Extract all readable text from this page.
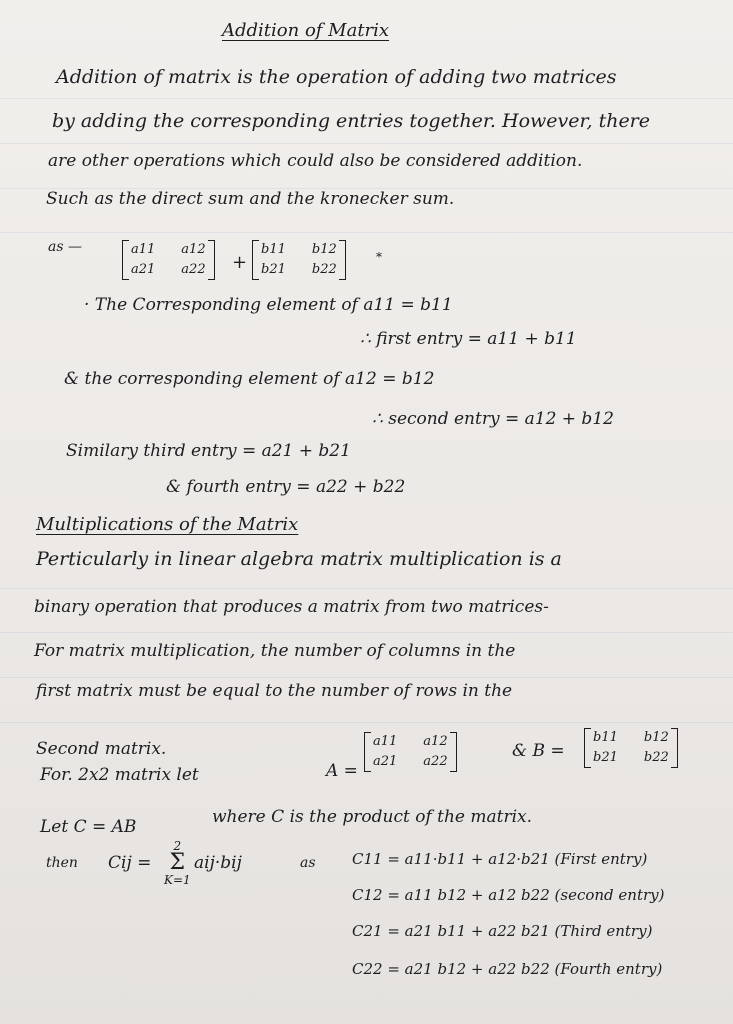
Addition of Matrix
Addition of matrix is the operation of adding two matrices
by adding the corresponding entries together. However, there
are other operations which could also be considered addition.
Such as the direct sum and the kronecker sum.
as —	a11 a12
a21 a22 +
b11 b12
b21 b22
*
· The Corresponding element of a11 = b11
∴ first entry = a11 + b11
& the corresponding element of a12 = b12
∴ second entry = a12 + b12
Similary third entry = a21 + b21
& fourth entry = a22 + b22
Multiplications of the Matrix
Perticularly in linear algebra matrix multiplication is a
binary operation that produces a matrix from two matrices-
For matrix multiplication, the number of columns in the
first matrix must be equal to the number of rows in the
Second matrix.
For. 2x2 matrix let	A =
a11 a12
a21 a22
& B =
b11 b12
b21 b22
Let C = AB	where C is the product of the matrix.
then Cij =
2
Σ
K=1
aij·bij	as C11 = a11·b11 + a12·b21 (First entry)
C12 = a11 b12 + a12 b22 (second entry)
C21 = a21 b11 + a22 b21 (Third entry)
C22 = a21 b12 + a22 b22 (Fourth entry)
